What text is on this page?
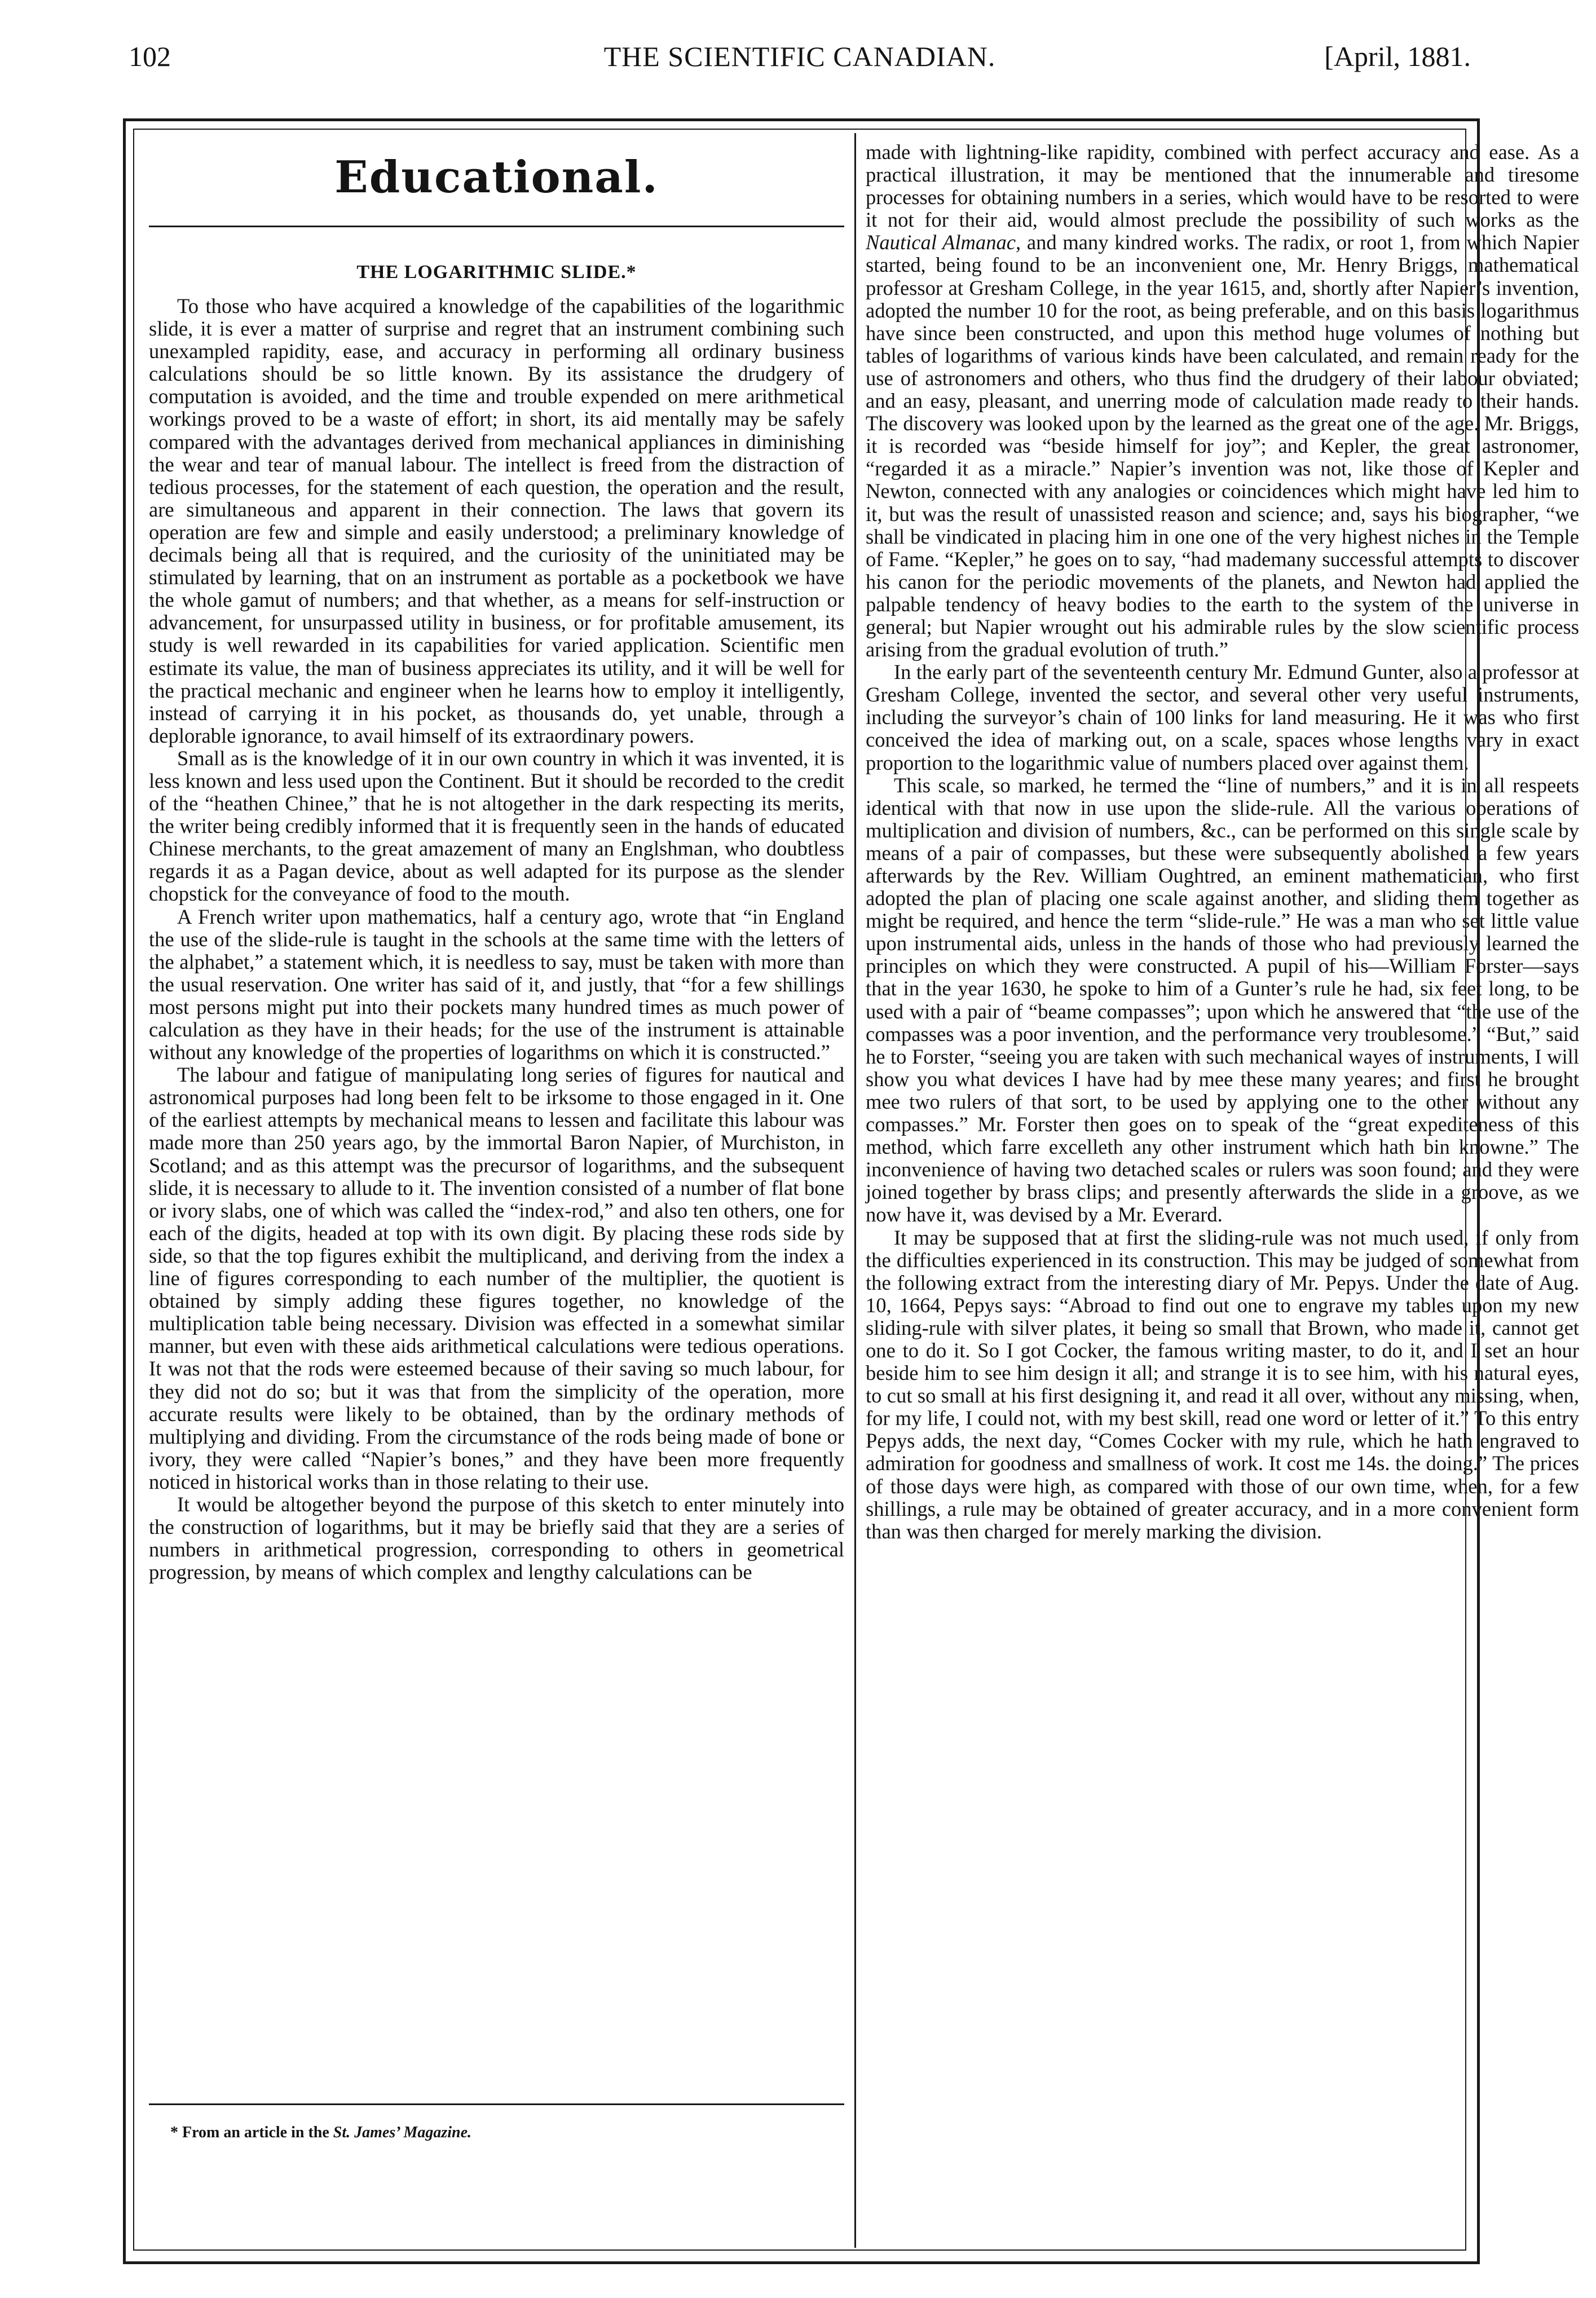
102	THE SCIENTIFIC CANADIAN.	[April, 1881.
Educational.
THE LOGARITHMIC SLIDE.*

To those who have acquired a knowledge of the capabilities of the logarithmic slide, it is ever a matter of surprise and regret that an instrument combining such unexampled rapidity, ease, and accuracy in performing all ordinary business calculations should be so little known. By its assistance the drudgery of computation is avoided, and the time and trouble expended on mere arithmetical workings proved to be a waste of effort; in short, its aid mentally may be safely compared with the advantages derived from mechanical appliances in diminishing the wear and tear of manual labour. The intellect is freed from the distraction of tedious processes, for the statement of each question, the operation and the result, are simultaneous and apparent in their connection. The laws that govern its operation are few and simple and easily understood; a preliminary knowledge of decimals being all that is required, and the curiosity of the uninitiated may be stimulated by learning, that on an instrument as portable as a pocketbook we have the whole gamut of numbers; and that whether, as a means for self-instruction or advancement, for unsurpassed utility in business, or for profitable amusement, its study is well rewarded in its capabilities for varied application. Scientific men estimate its value, the man of business appreciates its utility, and it will be well for the practical mechanic and engineer when he learns how to employ it intelligently, instead of carrying it in his pocket, as thousands do, yet unable, through a deplorable ignorance, to avail himself of its extraordinary powers.

Small as is the knowledge of it in our own country in which it was invented, it is less known and less used upon the Continent. But it should be recorded to the credit of the “heathen Chinee,” that he is not altogether in the dark respecting its merits, the writer being credibly informed that it is frequently seen in the hands of educated Chinese merchants, to the great amazement of many an Englshman, who doubtless regards it as a Pagan device, about as well adapted for its purpose as the slender chopstick for the conveyance of food to the mouth.

A French writer upon mathematics, half a century ago, wrote that “in England the use of the slide-rule is taught in the schools at the same time with the letters of the alphabet,” a statement which, it is needless to say, must be taken with more than the usual reservation. One writer has said of it, and justly, that “for a few shillings most persons might put into their pockets many hundred times as much power of calculation as they have in their heads; for the use of the instrument is attainable without any knowledge of the properties of logarithms on which it is constructed.”

The labour and fatigue of manipulating long series of figures for nautical and astronomical purposes had long been felt to be irksome to those engaged in it. One of the earliest attempts by mechanical means to lessen and facilitate this labour was made more than 250 years ago, by the immortal Baron Napier, of Murchiston, in Scotland; and as this attempt was the precursor of logarithms, and the subsequent slide, it is necessary to allude to it. The invention consisted of a number of flat bone or ivory slabs, one of which was called the “index-rod,” and also ten others, one for each of the digits, headed at top with its own digit. By placing these rods side by side, so that the top figures exhibit the multiplicand, and deriving from the index a line of figures corresponding to each number of the multiplier, the quotient is obtained by simply adding these figures together, no knowledge of the multiplication table being necessary. Division was effected in a somewhat similar manner, but even with these aids arithmetical calculations were tedious operations. It was not that the rods were esteemed because of their saving so much labour, for they did not do so; but it was that from the simplicity of the operation, more accurate results were likely to be obtained, than by the ordinary methods of multiplying and dividing. From the circumstance of the rods being made of bone or ivory, they were called “Napier’s bones,” and they have been more frequently noticed in historical works than in those relating to their use.

It would be altogether beyond the purpose of this sketch to enter minutely into the construction of logarithms, but it may be briefly said that they are a series of numbers in arithmetical progression, corresponding to others in geometrical progression, by means of which complex and lengthy calculations can be

made with lightning-like rapidity, combined with perfect accuracy and ease. As a practical illustration, it may be mentioned that the innumerable and tiresome processes for obtaining numbers in a series, which would have to be resorted to were it not for their aid, would almost preclude the possibility of such works as the Nautical Almanac, and many kindred works. The radix, or root 1, from which Napier started, being found to be an inconvenient one, Mr. Henry Briggs, mathematical professor at Gresham College, in the year 1615, and, shortly after Napier’s invention, adopted the number 10 for the root, as being preferable, and on this basis logarithmus have since been constructed, and upon this method huge volumes of nothing but tables of logarithms of various kinds have been calculated, and remain ready for the use of astronomers and others, who thus find the drudgery of their labour obviated; and an easy, pleasant, and unerring mode of calculation made ready to their hands. The discovery was looked upon by the learned as the great one of the age. Mr. Briggs, it is recorded was “beside himself for joy”; and Kepler, the great astronomer, “regarded it as a miracle.” Napier’s invention was not, like those of Kepler and Newton, connected with any analogies or coincidences which might have led him to it, but was the result of unassisted reason and science; and, says his biographer, “we shall be vindicated in placing him in one one of the very highest niches in the Temple of Fame. “Kepler,” he goes on to say, “had mademany successful attempts to discover his canon for the periodic movements of the planets, and Newton had applied the palpable tendency of heavy bodies to the earth to the system of the universe in general; but Napier wrought out his admirable rules by the slow scientific process arising from the gradual evolution of truth.”

In the early part of the seventeenth century Mr. Edmund Gunter, also a professor at Gresham College, invented the sector, and several other very useful instruments, including the surveyor’s chain of 100 links for land measuring. He it was who first conceived the idea of marking out, on a scale, spaces whose lengths vary in exact proportion to the logarithmic value of numbers placed over against them.

This scale, so marked, he termed the “line of numbers,” and it is in all respeets identical with that now in use upon the slide-rule. All the various operations of multiplication and division of numbers, &c., can be performed on this single scale by means of a pair of compasses, but these were subsequently abolished a few years afterwards by the Rev. William Oughtred, an eminent mathematician, who first adopted the plan of placing one scale against another, and sliding them together as might be required, and hence the term “slide-rule.” He was a man who set little value upon instrumental aids, unless in the hands of those who had previously learned the principles on which they were constructed. A pupil of his—William Forster—says that in the year 1630, he spoke to him of a Gunter’s rule he had, six feet long, to be used with a pair of “beame compasses”; upon which he answered that “the use of the compasses was a poor invention, and the performance very troublesome.” “But,” said he to Forster, “seeing you are taken with such mechanical wayes of instruments, I will show you what devices I have had by mee these many yeares; and first he brought mee two rulers of that sort, to be used by applying one to the other without any compasses.” Mr. Forster then goes on to speak of the “great expediteness of this method, which farre excelleth any other instrument which hath bin knowne.” The inconvenience of having two detached scales or rulers was soon found; and they were joined together by brass clips; and presently afterwards the slide in a groove, as we now have it, was devised by a Mr. Everard.

It may be supposed that at first the sliding-rule was not much used, if only from the difficulties experienced in its construction. This may be judged of somewhat from the following extract from the interesting diary of Mr. Pepys. Under the date of Aug. 10, 1664, Pepys says: “Abroad to find out one to engrave my tables upon my new sliding-rule with silver plates, it being so small that Brown, who made it, cannot get one to do it. So I got Cocker, the famous writing master, to do it, and I set an hour beside him to see him design it all; and strange it is to see him, with his natural eyes, to cut so small at his first designing it, and read it all over, without any missing, when, for my life, I could not, with my best skill, read one word or letter of it.” To this entry Pepys adds, the next day, “Comes Cocker with my rule, which he hath engraved to admiration for goodness and smallness of work. It cost me 14s. the doing.” The prices of those days were high, as compared with those of our own time, when, for a few shillings, a rule may be obtained of greater accuracy, and in a more convenient form than was then charged for merely marking the division.

* From an article in the St. James’ Magazine.
